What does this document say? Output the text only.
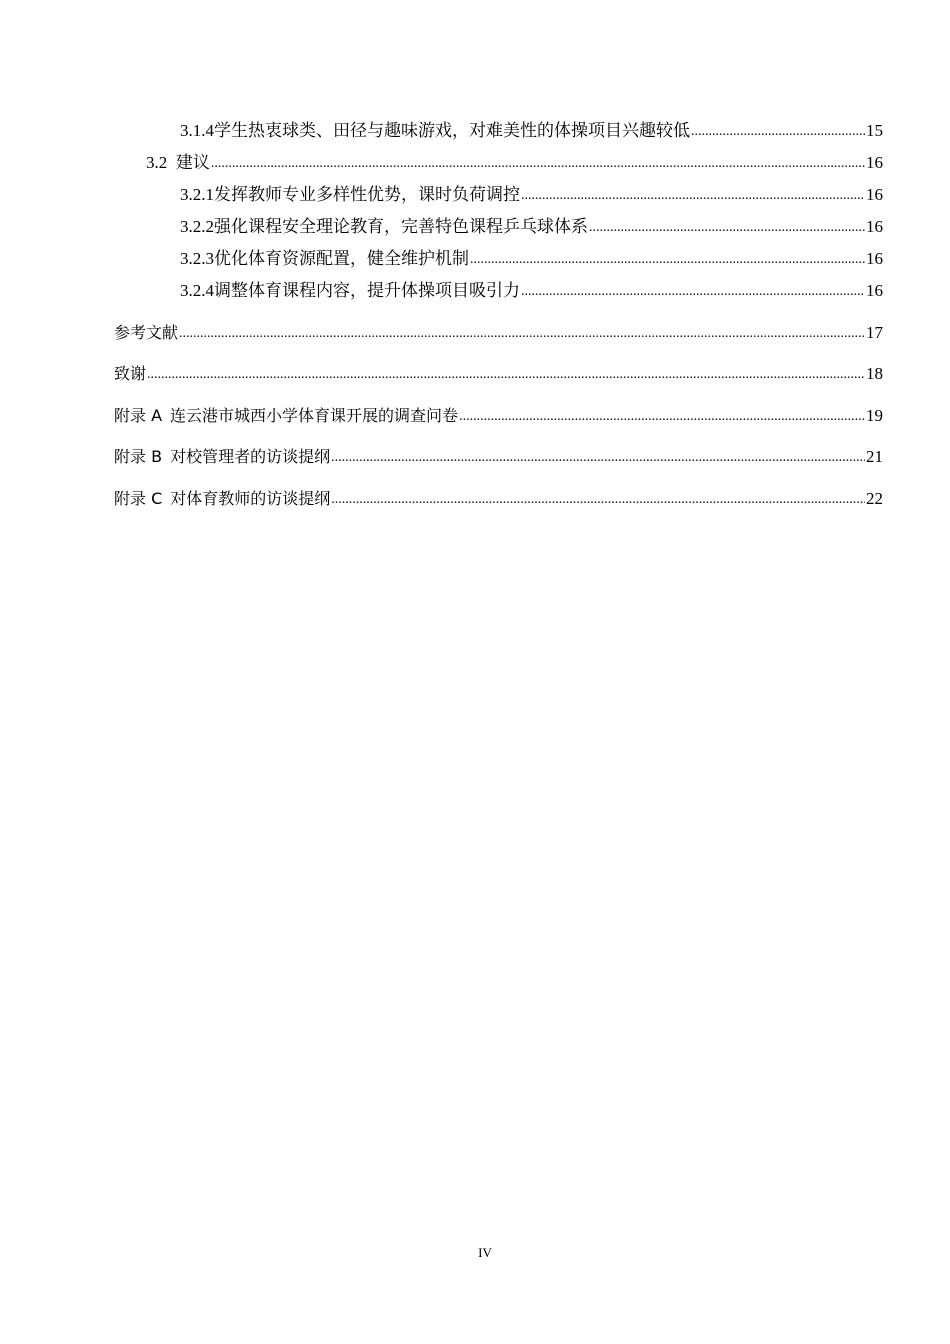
3.1.4 学生热衷球类、田径与趣味游戏，对难美性的体操项目兴趣较低 .....	15
3.2 建议 .....	16
3.2.1 发挥教师专业多样性优势，课时负荷调控 .....	16
3.2.2 强化课程安全理论教育，完善特色课程乒乓球体系 .....	16
3.2.3 优化体育资源配置，健全维护机制 .....	16
3.2.4 调整体育课程内容，提升体操项目吸引力 .....	16
参考文献 .....	17
致谢 .....	18
附录 A 连云港市城西小学体育课开展的调查问卷 .....	19
附录 B 对校管理者的访谈提纲 .....	21
附录 C 对体育教师的访谈提纲 .....	22
IV
